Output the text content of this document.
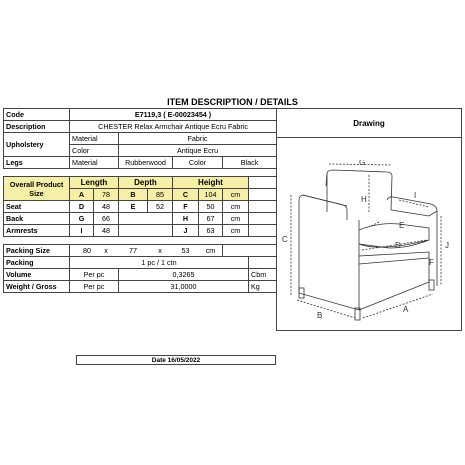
ITEM DESCRIPTION / DETAILS
Code	E7119,3 ( E-00023454 )							
Description	CHESTER Relax Armchair Antique Ecru Fabric							
Upholstery	Material		Fabric					
	Color		Antique Ecru					
Legs	Material		Rubberwood		Color		Black	

Overall Product Size	Length		Depth		Height			
	A	78	B	85	C	104	cm	
Seat	D	48	E	52	F	50	cm	
Back	G	66			H	67	cm	
Armrests	I	48			J	63	cm	

Packing Size	80	x	77	x	53	cm		
Packing	1 pc / 1 ctn							
Volume	Per pc		0,3265					Cbm
Weight / Gross	Per pc		31,0000					Kg
Drawing
G
H	I
E
D	J
F
C
B
A
Date 16/05/2022
